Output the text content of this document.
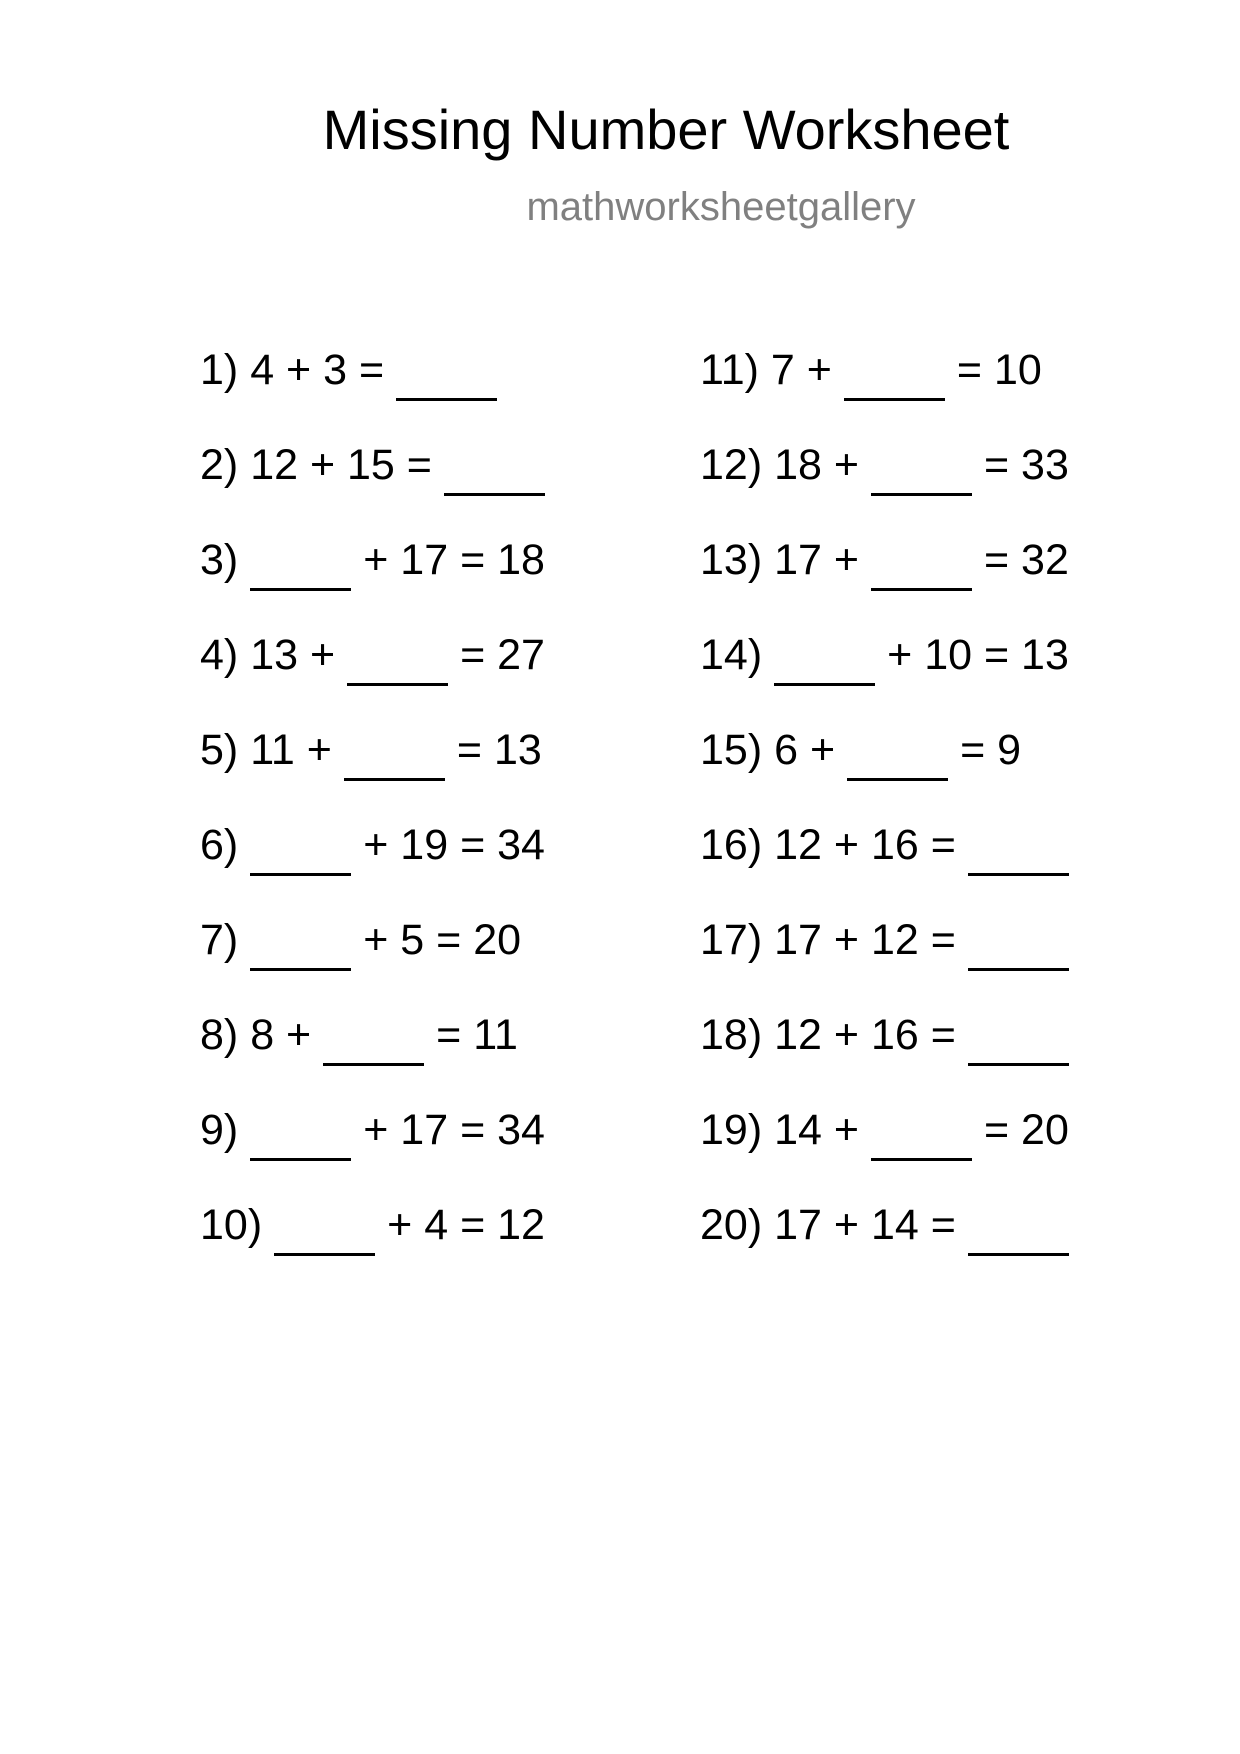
Missing Number Worksheet
mathworksheetgallery
1)
4 + 3 =
2)
12 + 15 =
3)	+ 17 = 18
4)
13 +	= 27
5)
11 +	= 13
6)	+ 19 = 34
7)	+ 5 = 20
8)
8 +	= 11
9)	+ 17 = 34
10)	+ 4 = 12
11)
7 +	= 10
12)
18 +	= 33
13)
17 +	= 32
14)	+ 10 = 13
15)
6 +	= 9
16)
12 + 16 =
17)
17 + 12 =
18)
12 + 16 =
19)
14 +	= 20
20)
17 + 14 =
